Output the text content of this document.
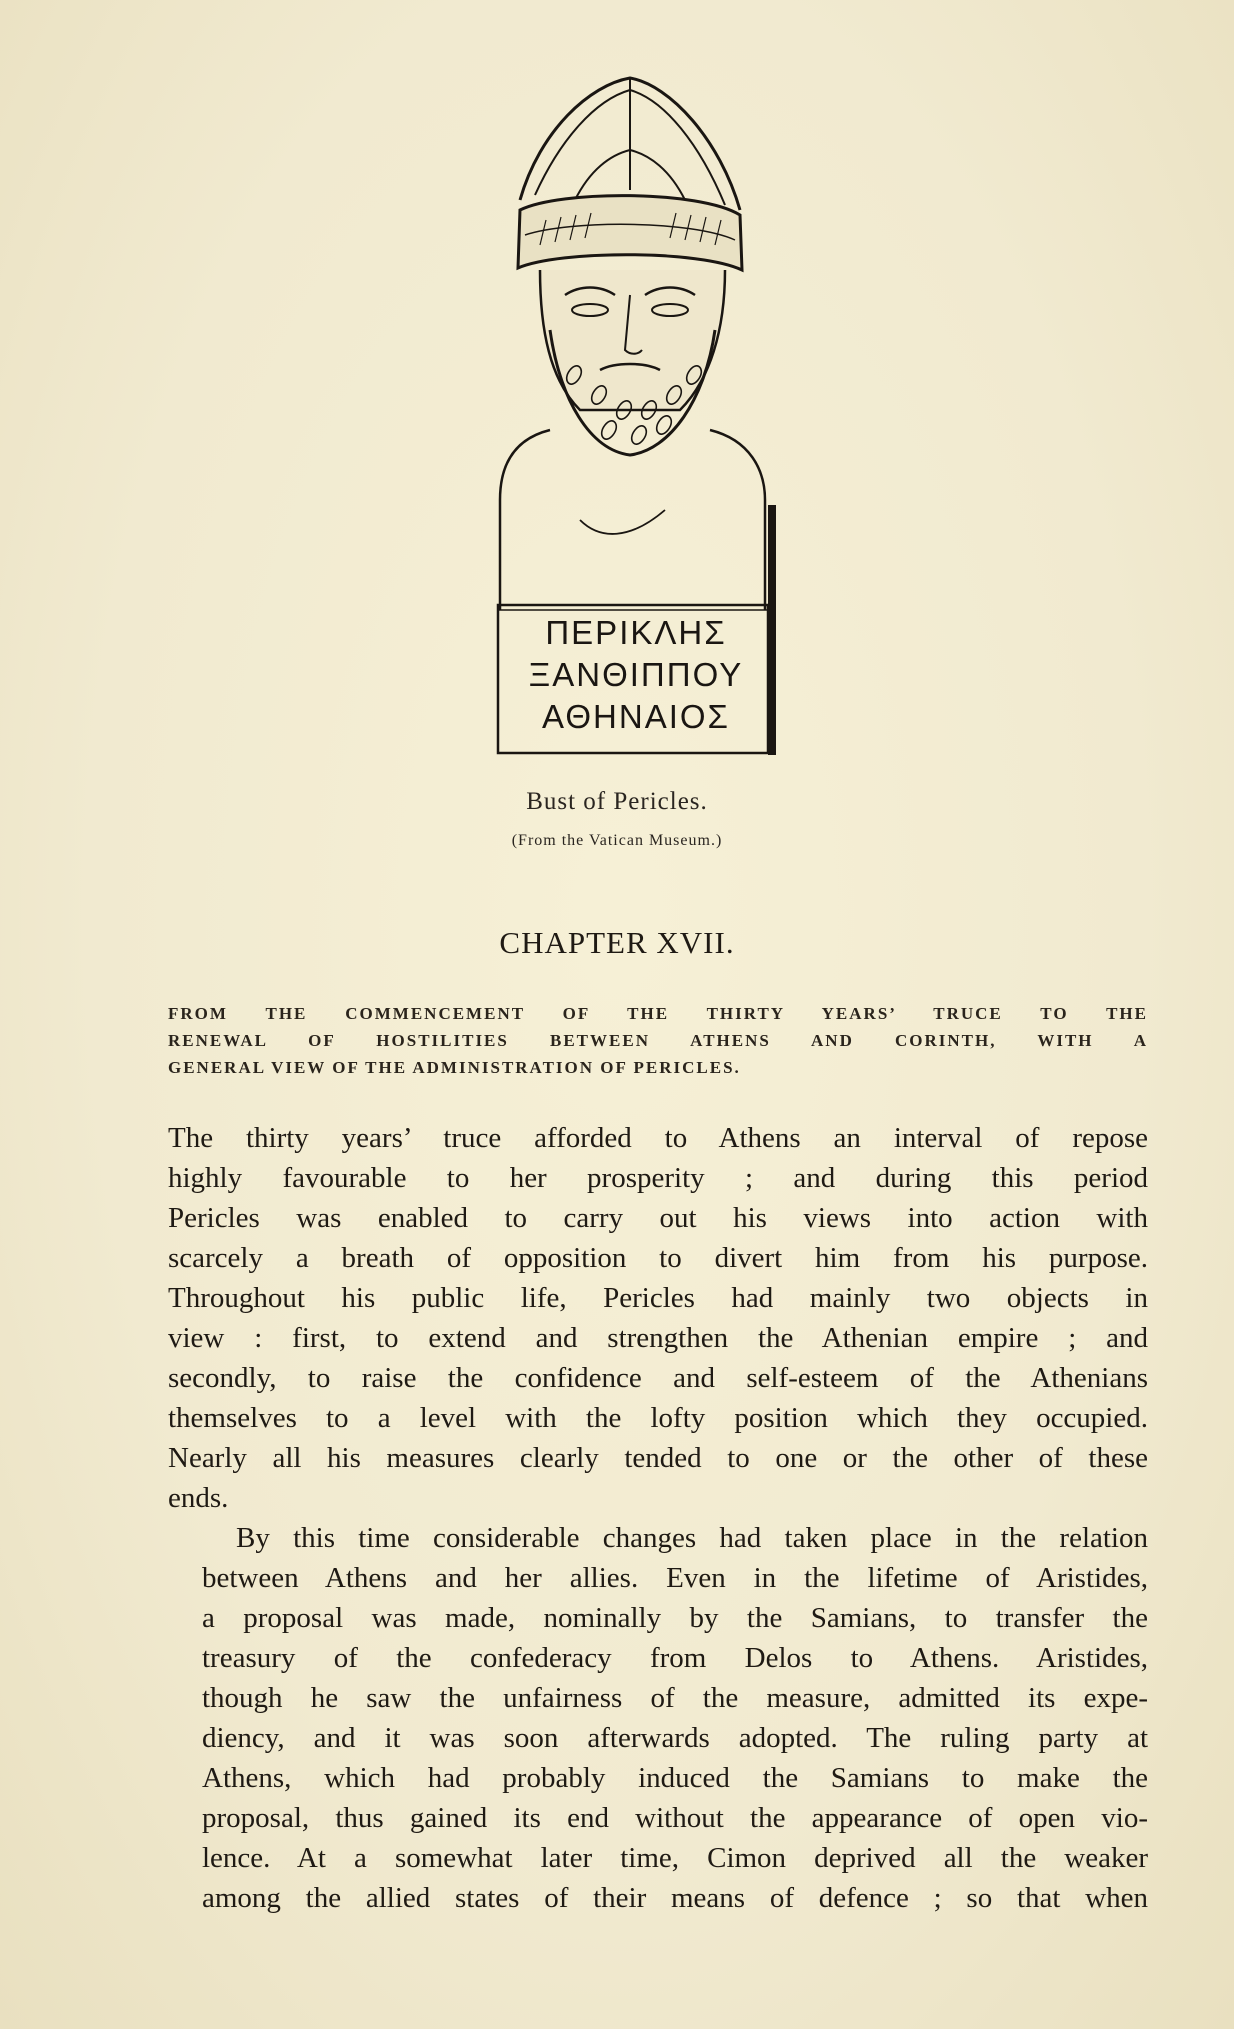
ΠΕΡΙΚΛΗΣ
ΞΑΝΘΙΠΠΟΥ
ΑΘΗΝΑΙΟΣ
Bust of Pericles.
(From the Vatican Museum.)
CHAPTER XVII.
FROM THE COMMENCEMENT OF THE THIRTY YEARS’ TRUCE TO THE
RENEWAL OF HOSTILITIES BETWEEN ATHENS AND CORINTH, WITH A
GENERAL VIEW OF THE ADMINISTRATION OF PERICLES.

The thirty years’ truce afforded to Athens an interval of repose
highly favourable to her prosperity ; and during this period
Pericles was enabled to carry out his views into action with
scarcely a breath of opposition to divert him from his purpose.
Throughout his public life, Pericles had mainly two objects in
view : first, to extend and strengthen the Athenian empire ; and
secondly, to raise the confidence and self-esteem of the Athenians
themselves to a level with the lofty position which they occupied.
Nearly all his measures clearly tended to one or the other of these
ends.

By this time considerable changes had taken place in the relation
between Athens and her allies. Even in the lifetime of Aristides,
a proposal was made, nominally by the Samians, to transfer the
treasury of the confederacy from Delos to Athens. Aristides,
though he saw the unfairness of the measure, admitted its expe-
diency, and it was soon afterwards adopted. The ruling party at
Athens, which had probably induced the Samians to make the
proposal, thus gained its end without the appearance of open vio-
lence. At a somewhat later time, Cimon deprived all the weaker
among the allied states of their means of defence ; so that when
